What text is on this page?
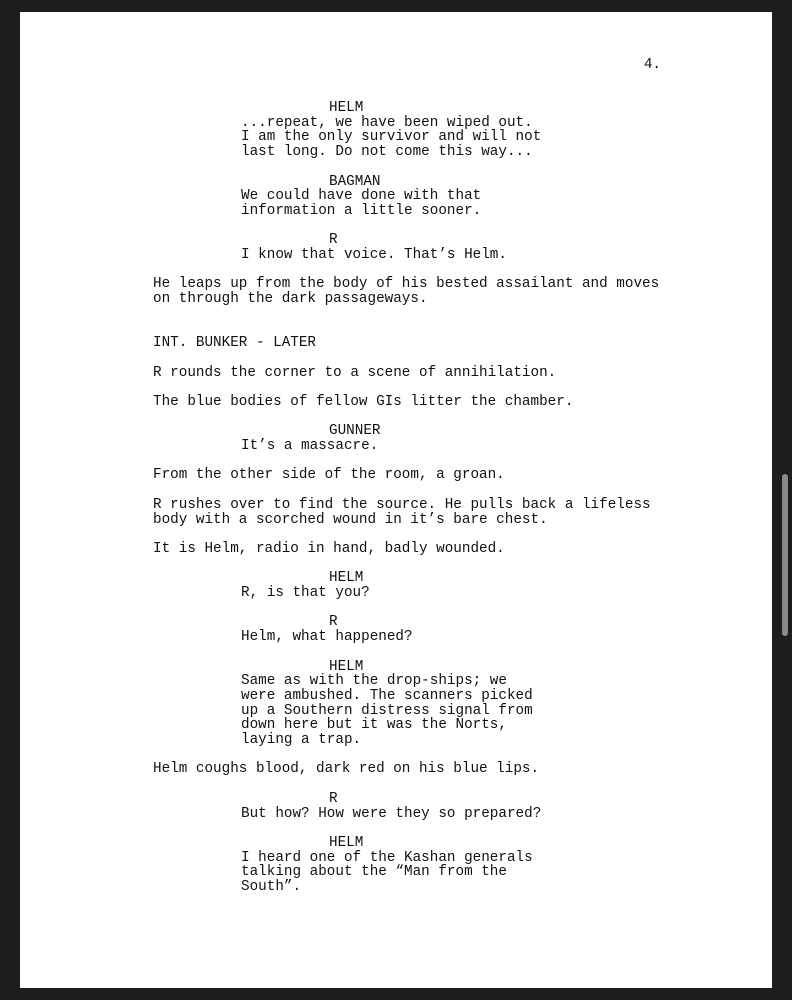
4.
HELM
...repeat, we have been wiped out.
I am the only survivor and will not
last long. Do not come this way...
BAGMAN
We could have done with that
information a little sooner.
R
I know that voice. That’s Helm.
He leaps up from the body of his bested assailant and moves
on through the dark passageways.
INT. BUNKER - LATER
R rounds the corner to a scene of annihilation.
The blue bodies of fellow GIs litter the chamber.
GUNNER
It’s a massacre.
From the other side of the room, a groan.
R rushes over to find the source. He pulls back a lifeless
body with a scorched wound in it’s bare chest.
It is Helm, radio in hand, badly wounded.
HELM
R, is that you?
R
Helm, what happened?
HELM
Same as with the drop-ships; we
were ambushed. The scanners picked
up a Southern distress signal from
down here but it was the Norts,
laying a trap.
Helm coughs blood, dark red on his blue lips.
R
But how? How were they so prepared?
HELM
I heard one of the Kashan generals
talking about the “Man from the
South”.
